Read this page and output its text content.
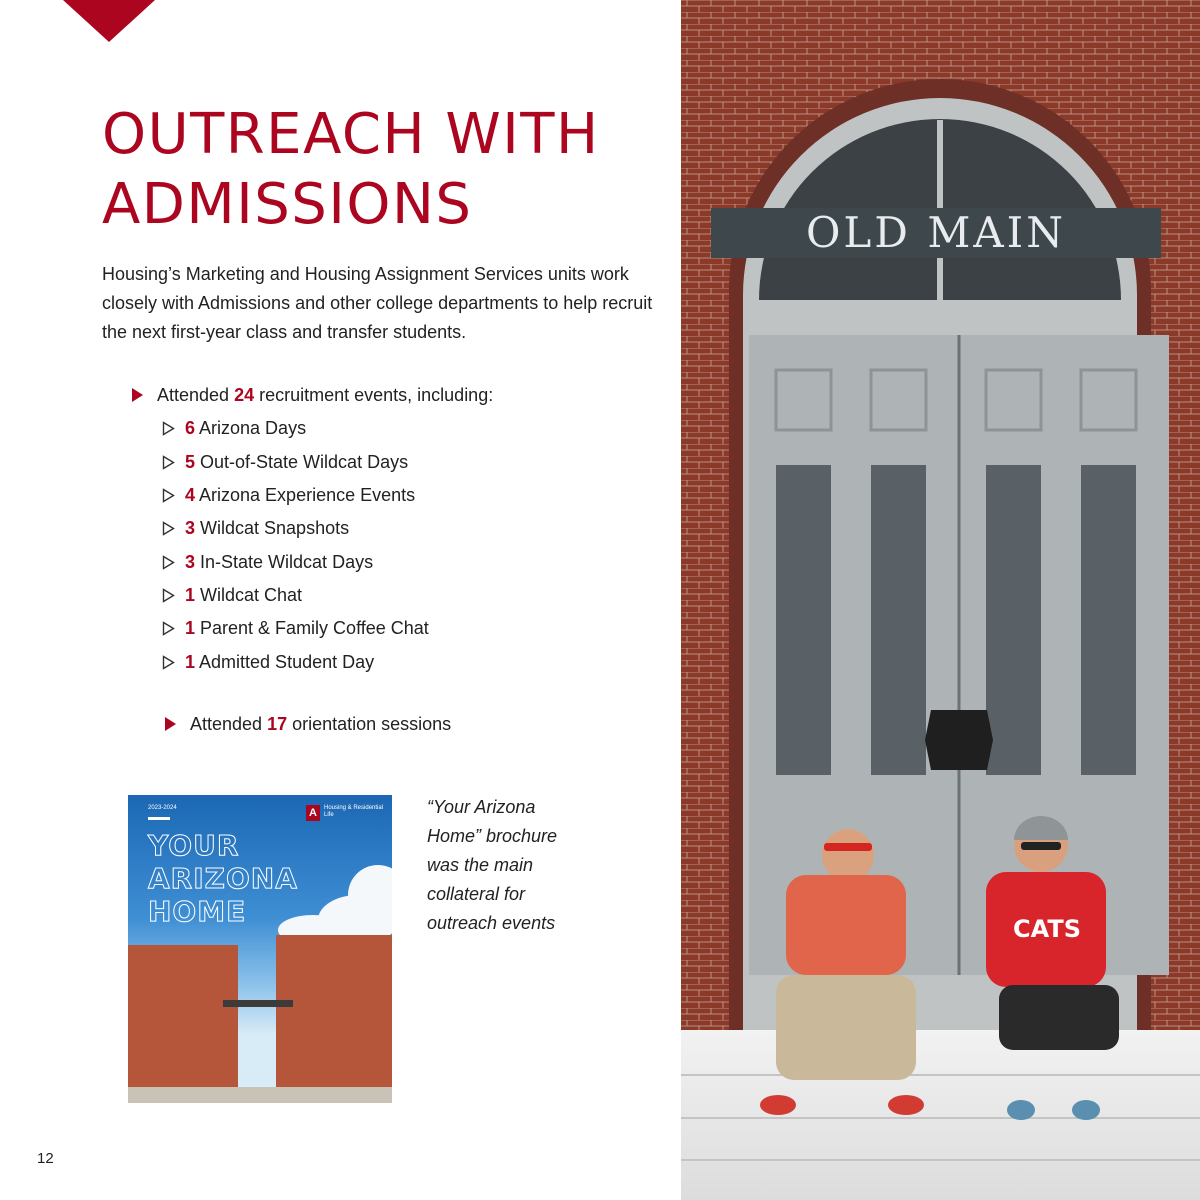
OUTREACH WITH
ADMISSIONS

Housing’s Marketing and Housing Assignment Services units work closely with Admissions and other college departments to help recruit the next first-year class and transfer students.

Attended 24 recruitment events, including:
6 Arizona Days
5 Out-of-State Wildcat Days
4 Arizona Experience Events
3 Wildcat Snapshots
3 In-State Wildcat Days
1 Wildcat Chat
1 Parent & Family Coffee Chat
1 Admitted Student Day
Attended 17 orientation sessions
2023-2024	A	Housing & Residential Life
YOUR
ARIZONA
HOME
“Your Arizona
Home” brochure
was the main
collateral for
outreach events
12
OLD MAIN
CATS
